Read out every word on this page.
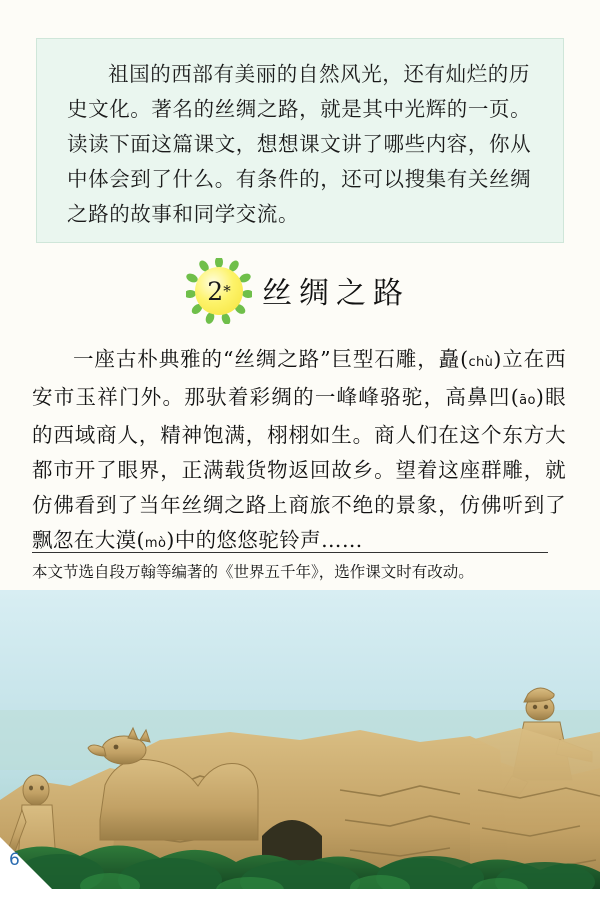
祖国的西部有美丽的自然风光，还有灿烂的历史文化。著名的丝绸之路，就是其中光辉的一页。读读下面这篇课文，想想课文讲了哪些内容，你从中体会到了什么。有条件的，还可以搜集有关丝绸之路的故事和同学交流。
2 * 丝绸之路
一座古朴典雅的“丝绸之路”巨型石雕，矗(chù)立在西安市玉祥门外。那驮着彩绸的一峰峰骆驼，高鼻凹(āo)眼的西域商人，精神饱满，栩栩如生。商人们在这个东方大都市开了眼界，正满载货物返回故乡。望着这座群雕，就仿佛看到了当年丝绸之路上商旅不绝的景象，仿佛听到了飘忽在大漠(mò)中的悠悠驼铃声……
本文节选自段万翰等编著的《世界五千年》，选作课文时有改动。
6
